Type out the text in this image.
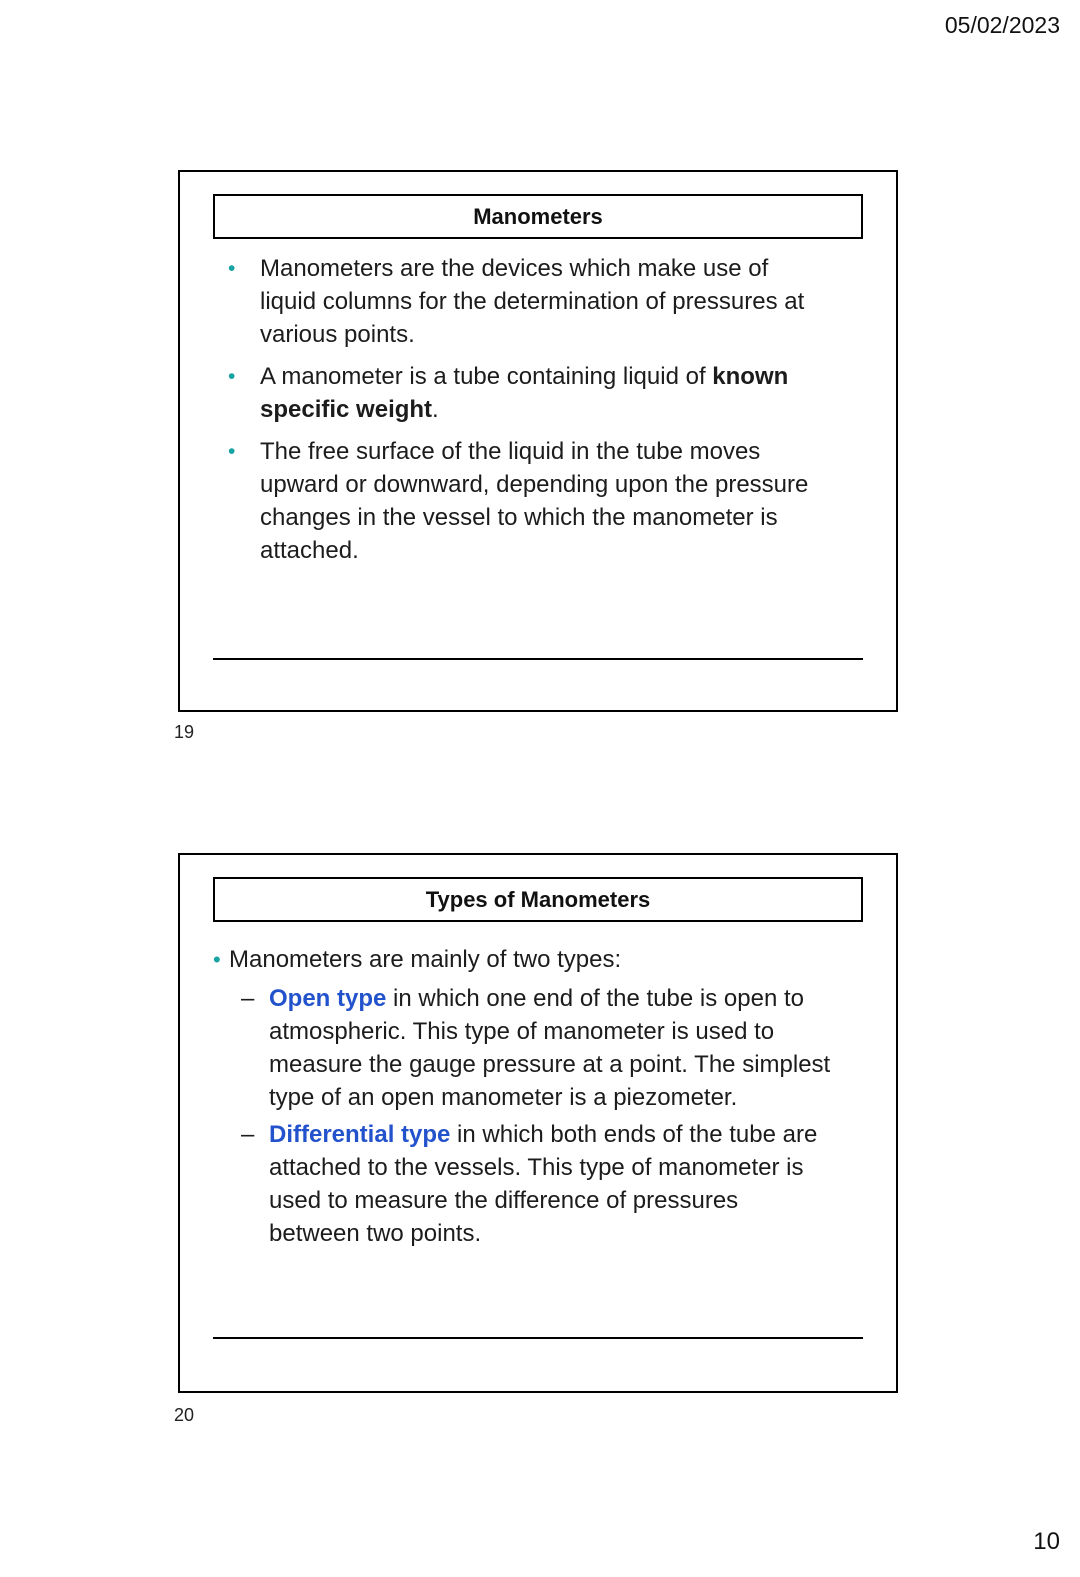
05/02/2023
Manometers
•	Manometers are the devices which make use of liquid columns for the determination of pressures at various points.
•	A manometer is a tube containing liquid of known specific weight.
•	The free surface of the liquid in the tube moves upward or downward, depending upon the pressure changes in the vessel to which the manometer is attached.
19
Types of Manometers
• Manometers are mainly of two types:
– Open type in which one end of the tube is open to atmospheric. This type of manometer is used to measure the gauge pressure at a point. The simplest type of an open manometer is a piezometer.
– Differential type in which both ends of the tube are attached to the vessels. This type of manometer is used to measure the difference of pressures between two points.
20
10
